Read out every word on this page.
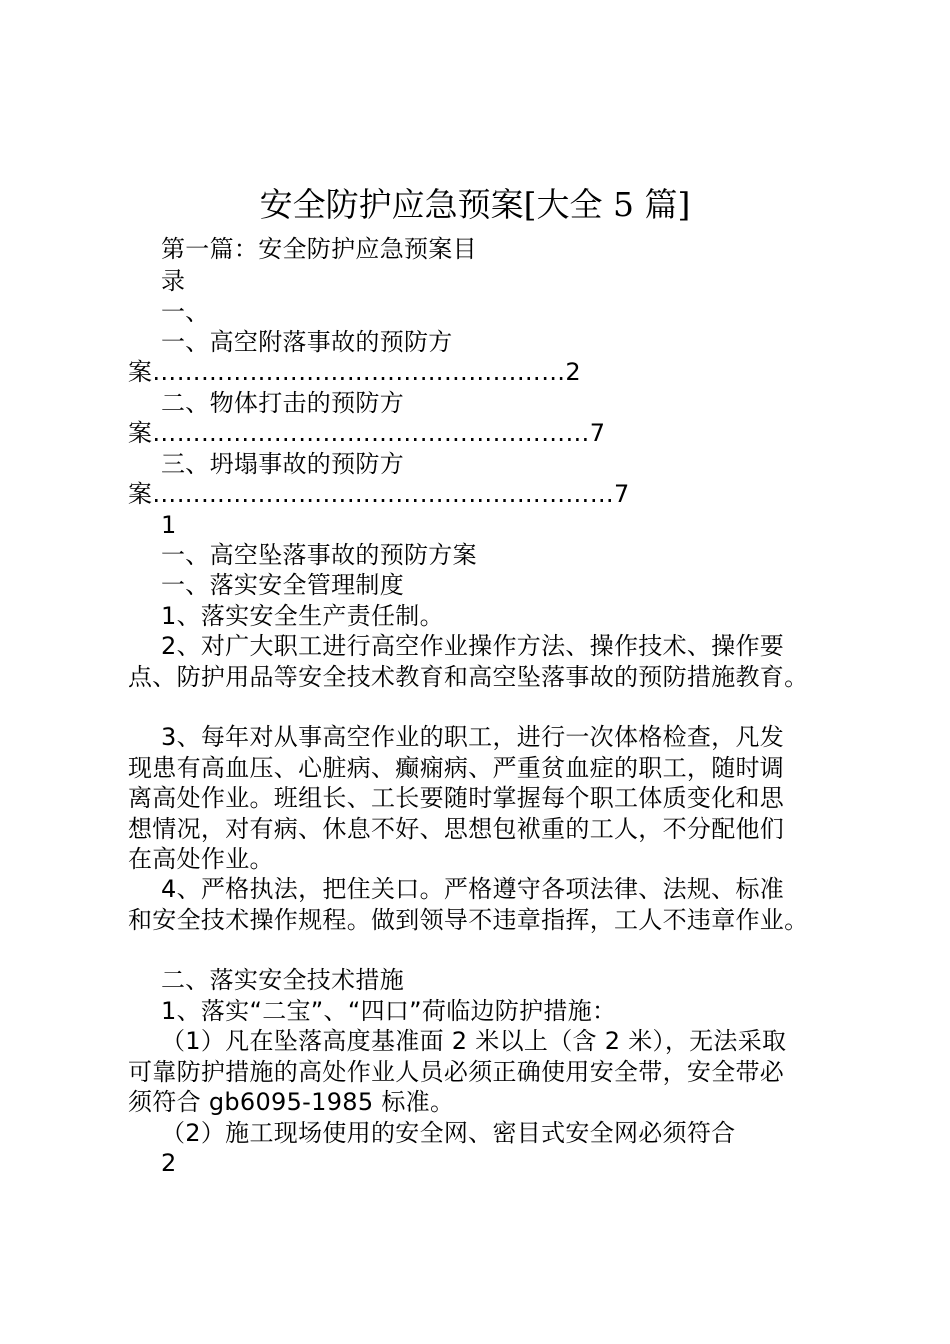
安全防护应急预案[大全 5 篇]
第一篇：安全防护应急预案目
录
一、
一、高空附落事故的预防方
案……………………………………………2
二、物体打击的预防方
案………………………………………………7
三、坍塌事故的预防方
案…………………………………………………7
1
一、高空坠落事故的预防方案
一、落实安全管理制度
1、落实安全生产责任制。
2、对广大职工进行高空作业操作方法、操作技术、操作要
点、防护用品等安全技术教育和高空坠落事故的预防措施教育。
3、每年对从事高空作业的职工，进行一次体格检查，凡发
现患有高血压、心脏病、癫痫病、严重贫血症的职工，随时调
离高处作业。班组长、工长要随时掌握每个职工体质变化和思
想情况，对有病、休息不好、思想包袱重的工人，不分配他们
在高处作业。
4、严格执法，把住关口。严格遵守各项法律、法规、标准
和安全技术操作规程。做到领导不违章指挥，工人不违章作业。
二、落实安全技术措施
1、落实“二宝”、“四口”荷临边防护措施：
（1）凡在坠落高度基准面 2 米以上（含 2 米），无法采取
可靠防护措施的高处作业人员必须正确使用安全带，安全带必
须符合 gb6095-1985 标准。
（2）施工现场使用的安全网、密目式安全网必须符合
2
